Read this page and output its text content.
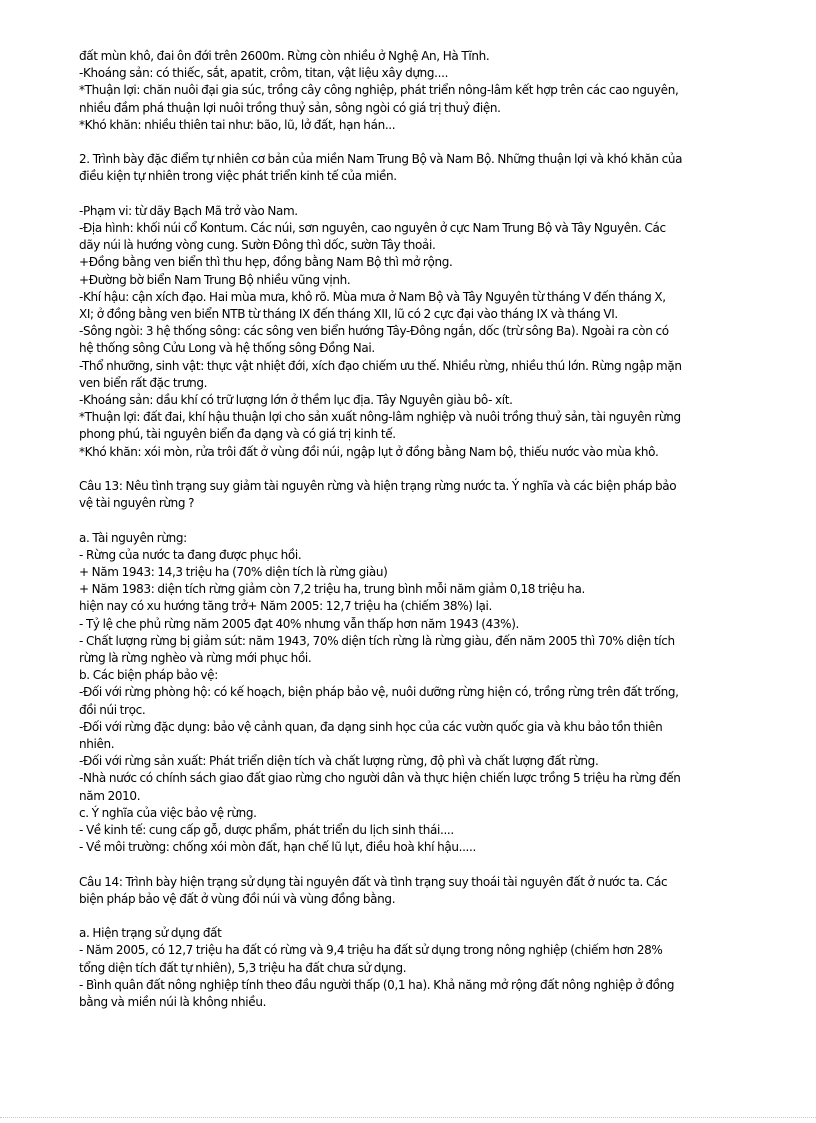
đất mùn khô, đai ôn đới trên 2600m. Rừng còn nhiều ở Nghệ An, Hà Tĩnh.
-Khoáng sản: có thiếc, sắt, apatit, crôm, titan, vật liệu xây dựng....
*Thuận lợi: chăn nuôi đại gia súc, trồng cây công nghiệp, phát triển nông-lâm kết hợp trên các cao nguyên,
nhiều đầm phá thuận lợi nuôi trồng thuỷ sản, sông ngòi có giá trị thuỷ điện.
*Khó khăn: nhiều thiên tai như: bão, lũ, lở đất, hạn hán...
2. Trình bày đặc điểm tự nhiên cơ bản của miền Nam Trung Bộ và Nam Bộ. Những thuận lợi và khó khăn của
điều kiện tự nhiên trong việc phát triển kinh tế của miền.
-Phạm vi: từ dãy Bạch Mã trở vào Nam.
-Địa hình: khối núi cổ Kontum. Các núi, sơn nguyên, cao nguyên ở cực Nam Trung Bộ và Tây Nguyên. Các
dãy núi là hướng vòng cung. Sườn Đông thì dốc, sườn Tây thoải.
+Đồng bằng ven biển thì thu hẹp, đồng bằng Nam Bộ thì mở rộng.
+Đường bờ biển Nam Trung Bộ nhiều vũng vịnh.
-Khí hậu: cận xích đạo. Hai mùa mưa, khô rõ. Mùa mưa ở Nam Bộ và Tây Nguyên từ tháng V đến tháng X,
XI; ở đồng bằng ven biển NTB từ tháng IX đến tháng XII, lũ có 2 cực đại vào tháng IX và tháng VI.
-Sông ngòi: 3 hệ thống sông: các sông ven biển hướng Tây-Đông ngắn, dốc (trừ sông Ba). Ngoài ra còn có
hệ thống sông Cửu Long và hệ thống sông Đồng Nai.
-Thổ nhưỡng, sinh vật: thực vật nhiệt đới, xích đạo chiếm ưu thế. Nhiều rừng, nhiều thú lớn. Rừng ngập mặn
ven biển rất đặc trưng.
-Khoáng sản: dầu khí có trữ lượng lớn ở thềm lục địa. Tây Nguyên giàu bô- xít.
*Thuận lợi: đất đai, khí hậu thuận lợi cho sản xuất nông-lâm nghiệp và nuôi trồng thuỷ sản, tài nguyên rừng
phong phú, tài nguyên biển đa dạng và có giá trị kinh tế.
*Khó khăn: xói mòn, rửa trôi đất ở vùng đồi núi, ngập lụt ở đồng bằng Nam bộ, thiếu nước vào mùa khô.
Câu 13: Nêu tình trạng suy giảm tài nguyên rừng và hiện trạng rừng nước ta. Ý nghĩa và các biện pháp bảo
vệ tài nguyên rừng ?
a. Tài nguyên rừng:
- Rừng của nước ta đang được phục hồi.
+ Năm 1943: 14,3 triệu ha (70% diện tích là rừng giàu)
+ Năm 1983: diện tích rừng giảm còn 7,2 triệu ha, trung bình mỗi năm giảm 0,18 triệu ha.
hiện nay có xu hướng tăng trở+ Năm 2005: 12,7 triệu ha (chiếm 38%) lại.
- Tỷ lệ che phủ rừng năm 2005 đạt 40% nhưng vẫn thấp hơn năm 1943 (43%).
- Chất lượng rừng bị giảm sút: năm 1943, 70% diện tích rừng là rừng giàu, đến năm 2005 thì 70% diện tích
rừng là rừng nghèo và rừng mới phục hồi.
b. Các biện pháp bảo vệ:
-Đối với rừng phòng hộ: có kế hoạch, biện pháp bảo vệ, nuôi dưỡng rừng hiện có, trồng rừng trên đất trống,
đồi núi trọc.
-Đối với rừng đặc dụng: bảo vệ cảnh quan, đa dạng sinh học của các vườn quốc gia và khu bảo tồn thiên
nhiên.
-Đối với rừng sản xuất: Phát triển diện tích và chất lượng rừng, độ phì và chất lượng đất rừng.
-Nhà nước có chính sách giao đất giao rừng cho người dân và thực hiện chiến lược trồng 5 triệu ha rừng đến
năm 2010.
c. Ý nghĩa của việc bảo vệ rừng.
- Về kinh tế: cung cấp gỗ, dược phẩm, phát triển du lịch sinh thái....
- Về môi trường: chống xói mòn đất, hạn chế lũ lụt, điều hoà khí hậu.....
Câu 14: Trình bày hiện trạng sử dụng tài nguyên đất và tình trạng suy thoái tài nguyên đất ở nước ta. Các
biện pháp bảo vệ đất ở vùng đồi núi và vùng đồng bằng.
a. Hiện trạng sử dụng đất
- Năm 2005, có 12,7 triệu ha đất có rừng và 9,4 triệu ha đất sử dụng trong nông nghiệp (chiếm hơn 28%
tổng diện tích đất tự nhiên), 5,3 triệu ha đất chưa sử dụng.
- Bình quân đất nông nghiệp tính theo đầu người thấp (0,1 ha). Khả năng mở rộng đất nông nghiệp ở đồng
bằng và miền núi là không nhiều.
